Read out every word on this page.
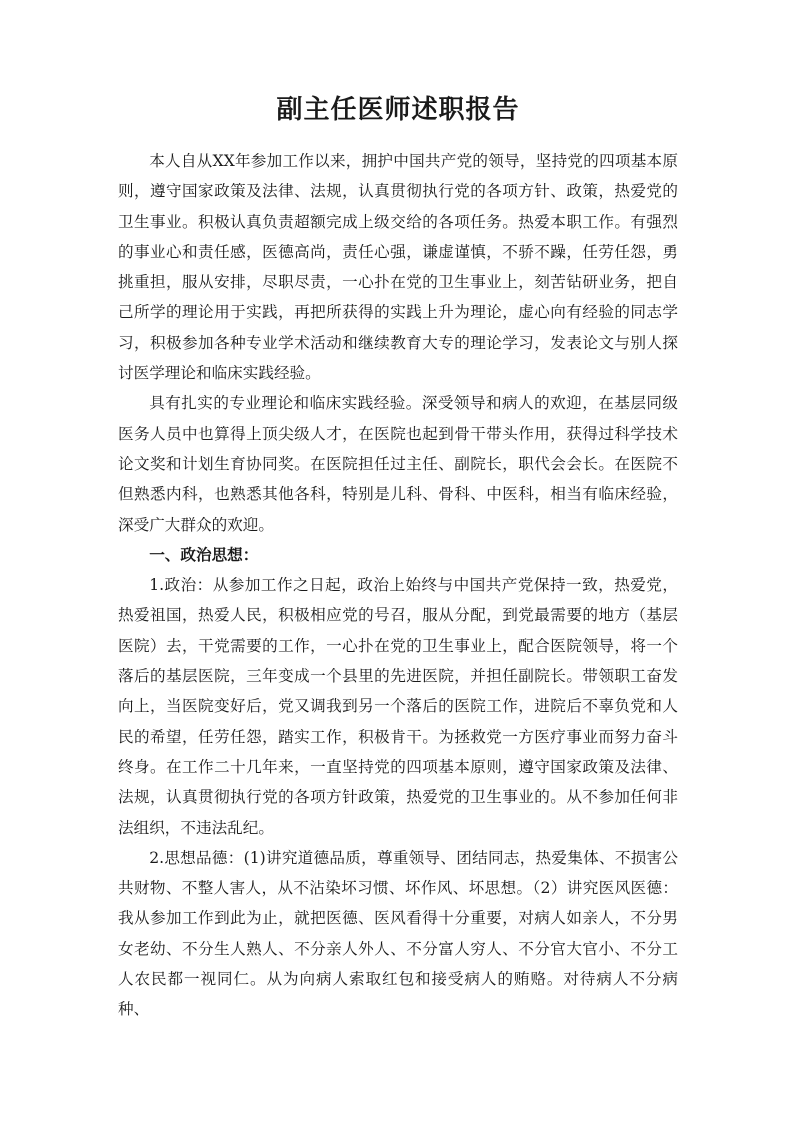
副主任医师述职报告

本人自从XX年参加工作以来，拥护中国共产党的领导，坚持党的四项基本原则，遵守国家政策及法律、法规，认真贯彻执行党的各项方针、政策，热爱党的卫生事业。积极认真负责超额完成上级交给的各项任务。热爱本职工作。有强烈的事业心和责任感，医德高尚，责任心强，谦虚谨慎，不骄不躁，任劳任怨，勇挑重担，服从安排，尽职尽责，一心扑在党的卫生事业上，刻苦钻研业务，把自己所学的理论用于实践，再把所获得的实践上升为理论，虚心向有经验的同志学习，积极参加各种专业学术活动和继续教育大专的理论学习，发表论文与别人探讨医学理论和临床实践经验。

具有扎实的专业理论和临床实践经验。深受领导和病人的欢迎，在基层同级医务人员中也算得上顶尖级人才，在医院也起到骨干带头作用，获得过科学技术论文奖和计划生育协同奖。在医院担任过主任、副院长，职代会会长。在医院不但熟悉内科，也熟悉其他各科，特别是儿科、骨科、中医科，相当有临床经验，深受广大群众的欢迎。

一、政治思想：

1.政治：从参加工作之日起，政治上始终与中国共产党保持一致，热爱党，热爱祖国，热爱人民，积极相应党的号召，服从分配，到党最需要的地方（基层医院）去，干党需要的工作，一心扑在党的卫生事业上，配合医院领导，将一个落后的基层医院，三年变成一个县里的先进医院，并担任副院长。带领职工奋发向上，当医院变好后，党又调我到另一个落后的医院工作，进院后不辜负党和人民的希望，任劳任怨，踏实工作，积极肯干。为拯救党一方医疗事业而努力奋斗终身。在工作二十几年来，一直坚持党的四项基本原则，遵守国家政策及法律、法规，认真贯彻执行党的各项方针政策，热爱党的卫生事业的。从不参加任何非法组织，不违法乱纪。

2.思想品德：(1)讲究道德品质，尊重领导、团结同志，热爱集体、不损害公共财物、不整人害人，从不沾染坏习惯、坏作风、坏思想。（2）讲究医风医德：我从参加工作到此为止，就把医德、医风看得十分重要，对病人如亲人，不分男女老幼、不分生人熟人、不分亲人外人、不分富人穷人、不分官大官小、不分工人农民都一视同仁。从为向病人索取红包和接受病人的贿赂。对待病人不分病种、
